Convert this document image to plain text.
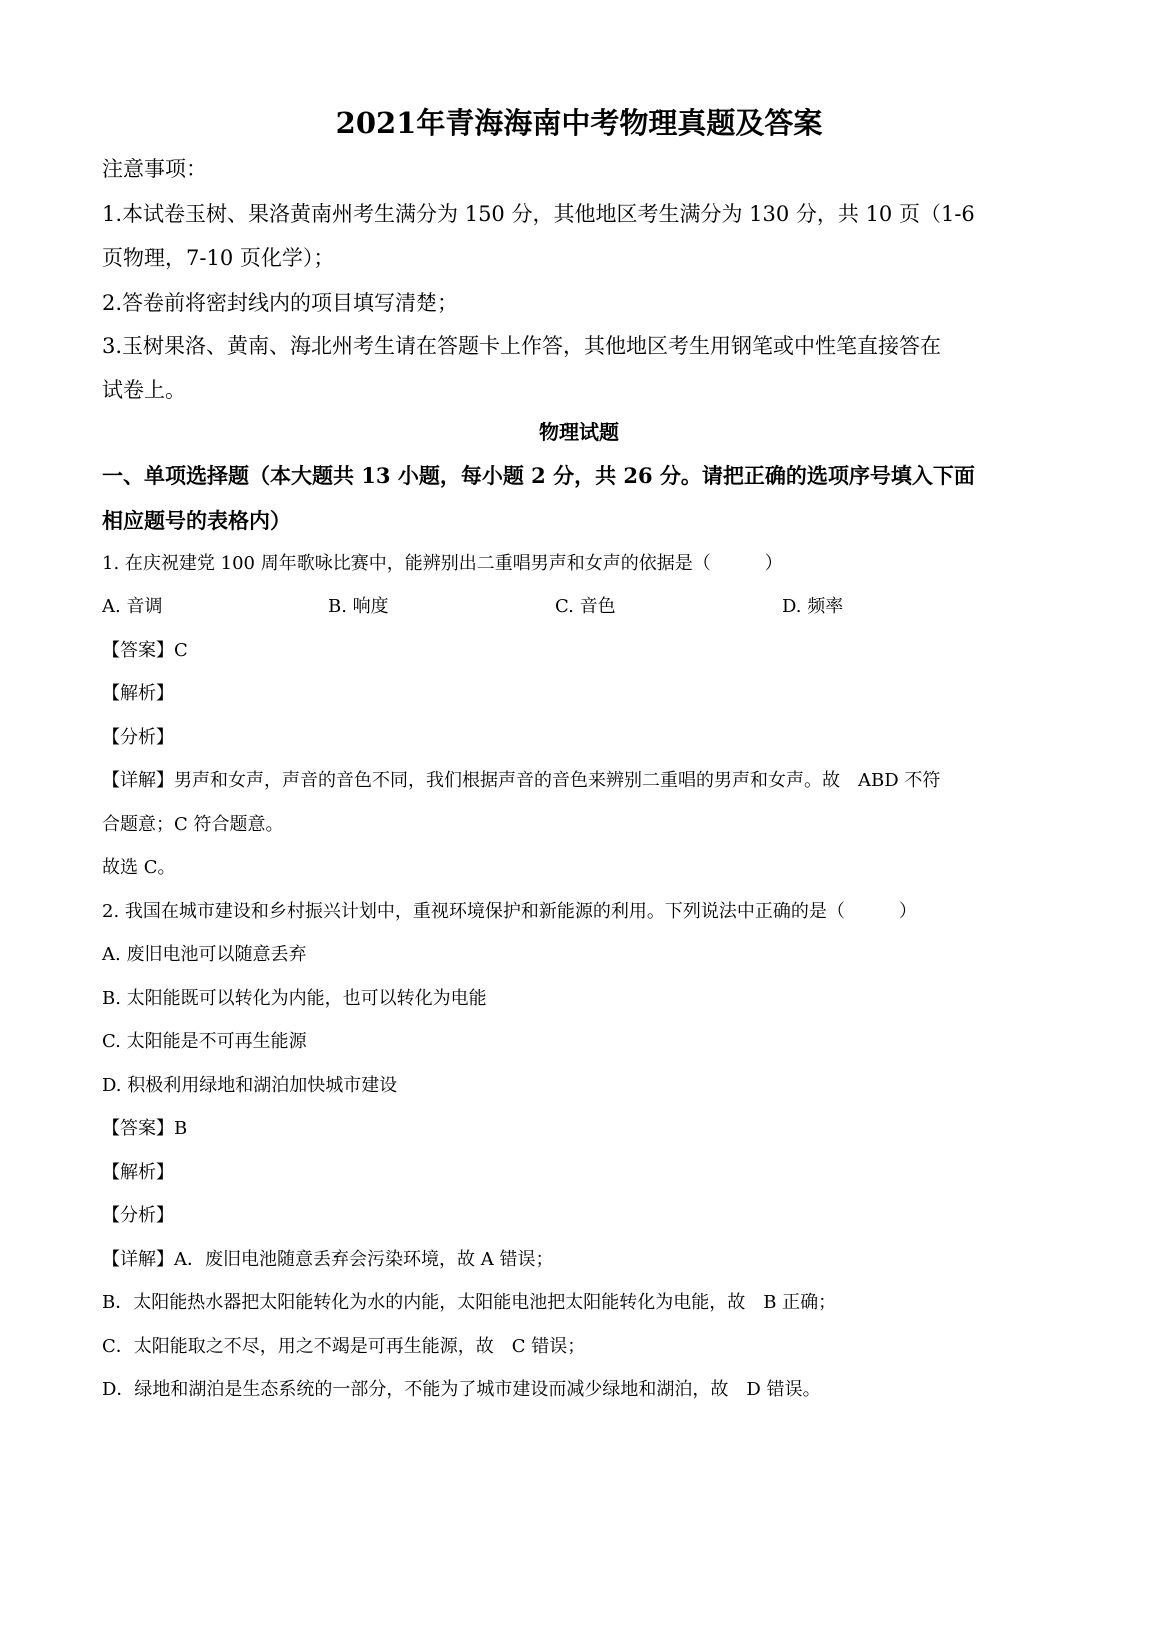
2021年青海海南中考物理真题及答案
注意事项：
1.本试卷玉树、果洛黄南州考生满分为 150 分，其他地区考生满分为 130 分，共 10 页（1-6
页物理，7-10 页化学）；
2.答卷前将密封线内的项目填写清楚；
3.玉树果洛、黄南、海北州考生请在答题卡上作答，其他地区考生用钢笔或中性笔直接答在
试卷上。
物理试题
一、单项选择题（本大题共 13 小题，每小题 2 分，共 26 分。请把正确的选项序号填入下面
相应题号的表格内）
1. 在庆祝建党 100 周年歌咏比赛中，能辨别出二重唱男声和女声的依据是（　　　）
A. 音调	B. 响度	C. 音色	D. 频率
【答案】C
【解析】
【分析】
【详解】男声和女声，声音的音色不同，我们根据声音的音色来辨别二重唱的男声和女声。故　ABD 不符
合题意；C 符合题意。
故选 C。
2. 我国在城市建设和乡村振兴计划中，重视环境保护和新能源的利用。下列说法中正确的是（　　　）
A. 废旧电池可以随意丢弃
B. 太阳能既可以转化为内能，也可以转化为电能
C. 太阳能是不可再生能源
D. 积极利用绿地和湖泊加快城市建设
【答案】B
【解析】
【分析】
【详解】A．废旧电池随意丢弃会污染环境，故 A 错误；
B．太阳能热水器把太阳能转化为水的内能，太阳能电池把太阳能转化为电能，故　B 正确；
C．太阳能取之不尽，用之不竭是可再生能源，故　C 错误；
D．绿地和湖泊是生态系统的一部分，不能为了城市建设而减少绿地和湖泊，故　D 错误。
